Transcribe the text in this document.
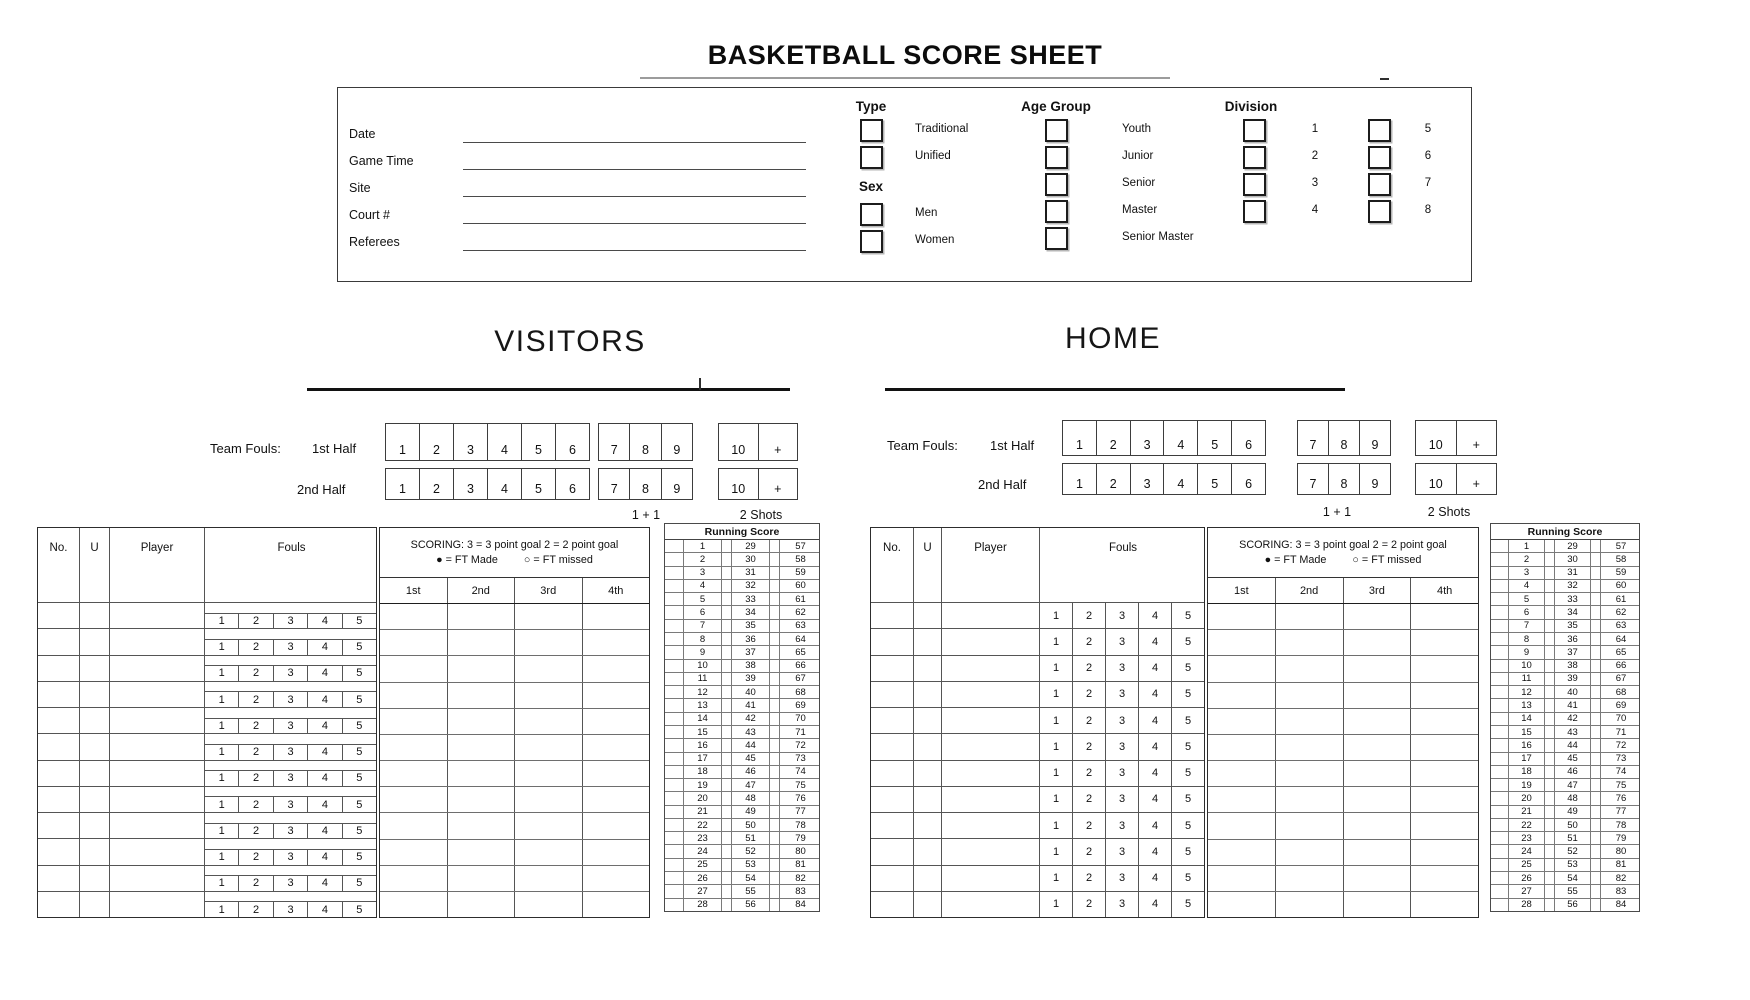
BASKETBALL SCORE SHEET
Date
Game Time
Site
Court #
Referees
Type
Sex
Age Group	Division
Traditional
Unified
Men
Women
Youth
Junior
Senior
Master
Senior Master
1	5
2	6
3	7
4	8
VISITORS
Team Fouls: 1st Half
2nd Half
1	2	3	4	5	6	7	8	9	10	+
1	2	3	4	5	6	7	8	9	10	+
1 + 1	2 Shots
No.	U	Player	Fouls
1	2	3	4	5
1	2	3	4	5
1	2	3	4	5
1	2	3	4	5
1	2	3	4	5
1	2	3	4	5
1	2	3	4	5
1	2	3	4	5
1	2	3	4	5
1	2	3	4	5
1	2	3	4	5
1	2	3	4	5
SCORING: 3 = 3 point goal 2 = 2 point goal
● = FT Made ○ = FT missed
1st	2nd	3rd	4th
Running Score
1	29	57
2	30	58
3	31	59
4	32	60
5	33	61
6	34	62
7	35	63
8	36	64
9	37	65
10	38	66
11	39	67
12	40	68
13	41	69
14	42	70
15	43	71
16	44	72
17	45	73
18	46	74
19	47	75
20	48	76
21	49	77
22	50	78
23	51	79
24	52	80
25	53	81
26	54	82
27	55	83
28	56	84
HOME
Team Fouls: 1st Half
2nd Half
1	2	3	4	5	6	7	8	9	10	+
1	2	3	4	5	6	7	8	9	10	+
1 + 1	2 Shots
No.	U	Player	Fouls
1	2	3	4	5
1	2	3	4	5
1	2	3	4	5
1	2	3	4	5
1	2	3	4	5
1	2	3	4	5
1	2	3	4	5
1	2	3	4	5
1	2	3	4	5
1	2	3	4	5
1	2	3	4	5
1	2	3	4	5
SCORING: 3 = 3 point goal 2 = 2 point goal
● = FT Made ○ = FT missed
1st	2nd	3rd	4th
Running Score
1	29	57
2	30	58
3	31	59
4	32	60
5	33	61
6	34	62
7	35	63
8	36	64
9	37	65
10	38	66
11	39	67
12	40	68
13	41	69
14	42	70
15	43	71
16	44	72
17	45	73
18	46	74
19	47	75
20	48	76
21	49	77
22	50	78
23	51	79
24	52	80
25	53	81
26	54	82
27	55	83
28	56	84
